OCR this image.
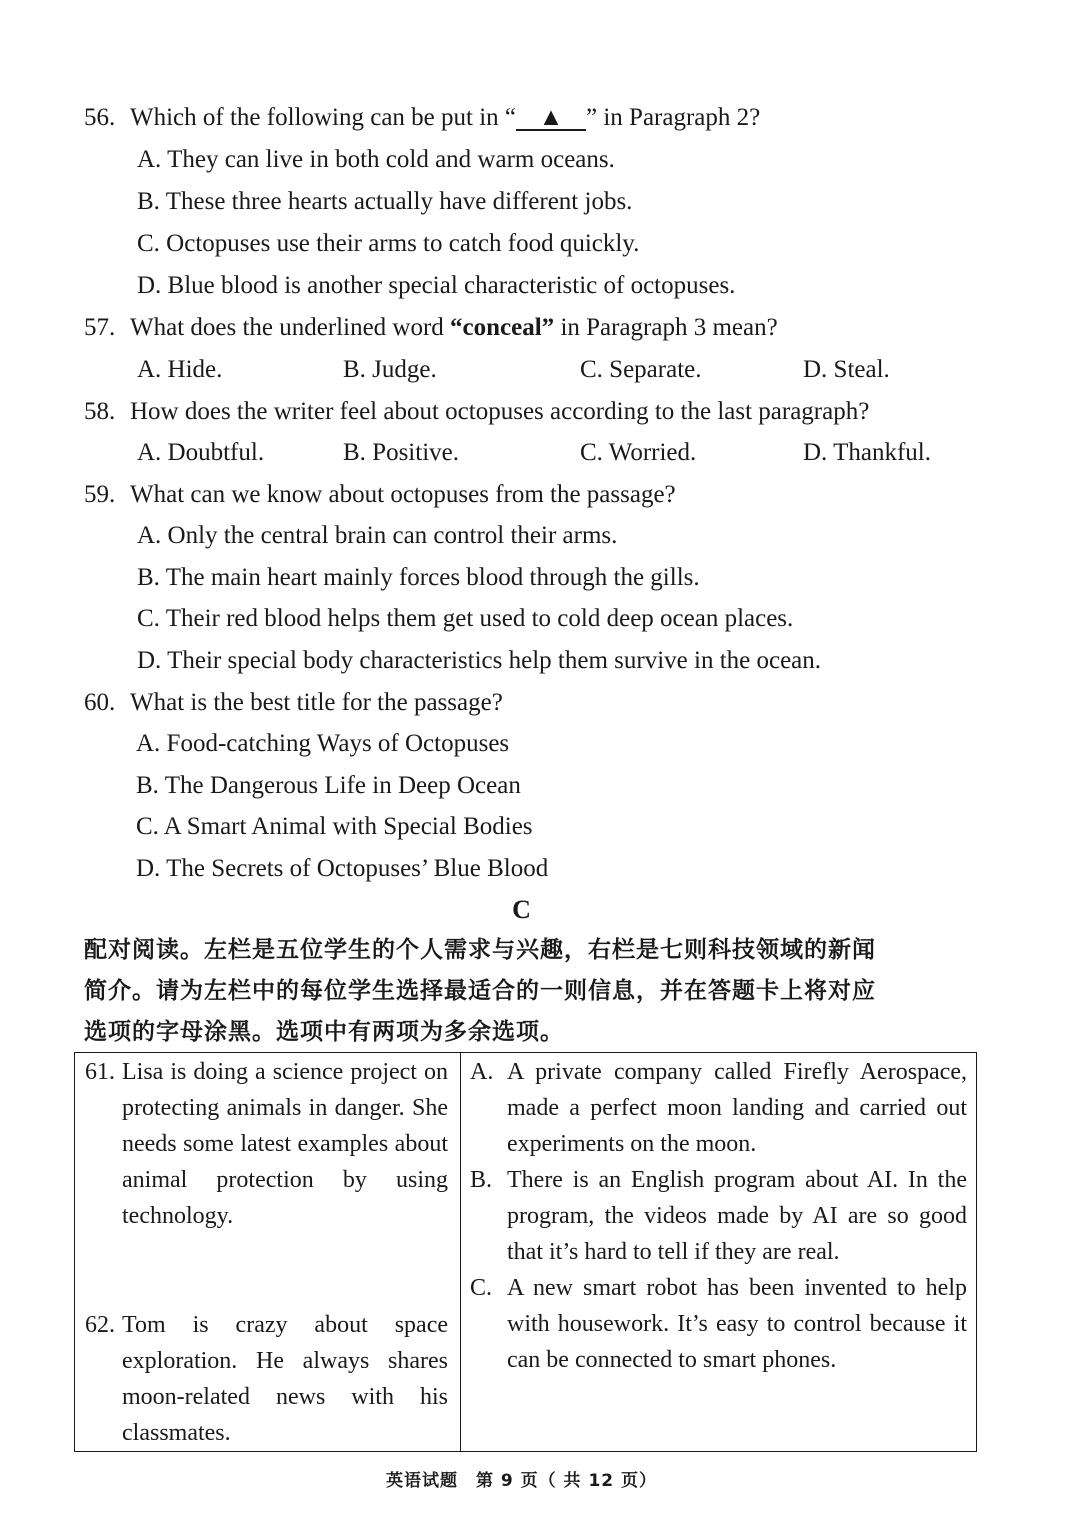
56. Which of the following can be put in “ ▲ ” in Paragraph 2?
A. They can live in both cold and warm oceans.
B. These three hearts actually have different jobs.
C. Octopuses use their arms to catch food quickly.
D. Blue blood is another special characteristic of octopuses.
57. What does the underlined word “conceal” in Paragraph 3 mean?
A. Hide.	B. Judge.	C. Separate.	D. Steal.
58. How does the writer feel about octopuses according to the last paragraph?
A. Doubtful.	B. Positive.	C. Worried.	D. Thankful.
59. What can we know about octopuses from the passage?
A. Only the central brain can control their arms.
B. The main heart mainly forces blood through the gills.
C. Their red blood helps them get used to cold deep ocean places.
D. Their special body characteristics help them survive in the ocean.
60. What is the best title for the passage?
A. Food-catching Ways of Octopuses
B. The Dangerous Life in Deep Ocean
C. A Smart Animal with Special Bodies
D. The Secrets of Octopuses’ Blue Blood
C
配对阅读。左栏是五位学生的个人需求与兴趣，右栏是七则科技领域的新闻
简介。请为左栏中的每位学生选择最适合的一则信息，并在答题卡上将对应
选项的字母涂黑。选项中有两项为多余选项。
61. Lisa is doing a science project on protecting animals in danger. She needs some latest examples about animal protection by using technology.
62. Tom is crazy about space exploration. He always shares moon-related news with his classmates.
A. A private company called Firefly Aerospace, made a perfect moon landing and carried out experiments on the moon.
B. There is an English program about AI. In the program, the videos made by AI are so good that it’s hard to tell if they are real.
C. A new smart robot has been invented to help with housework. It’s easy to control because it can be connected to smart phones.
英语试题　第 9 页（ 共 12 页）
